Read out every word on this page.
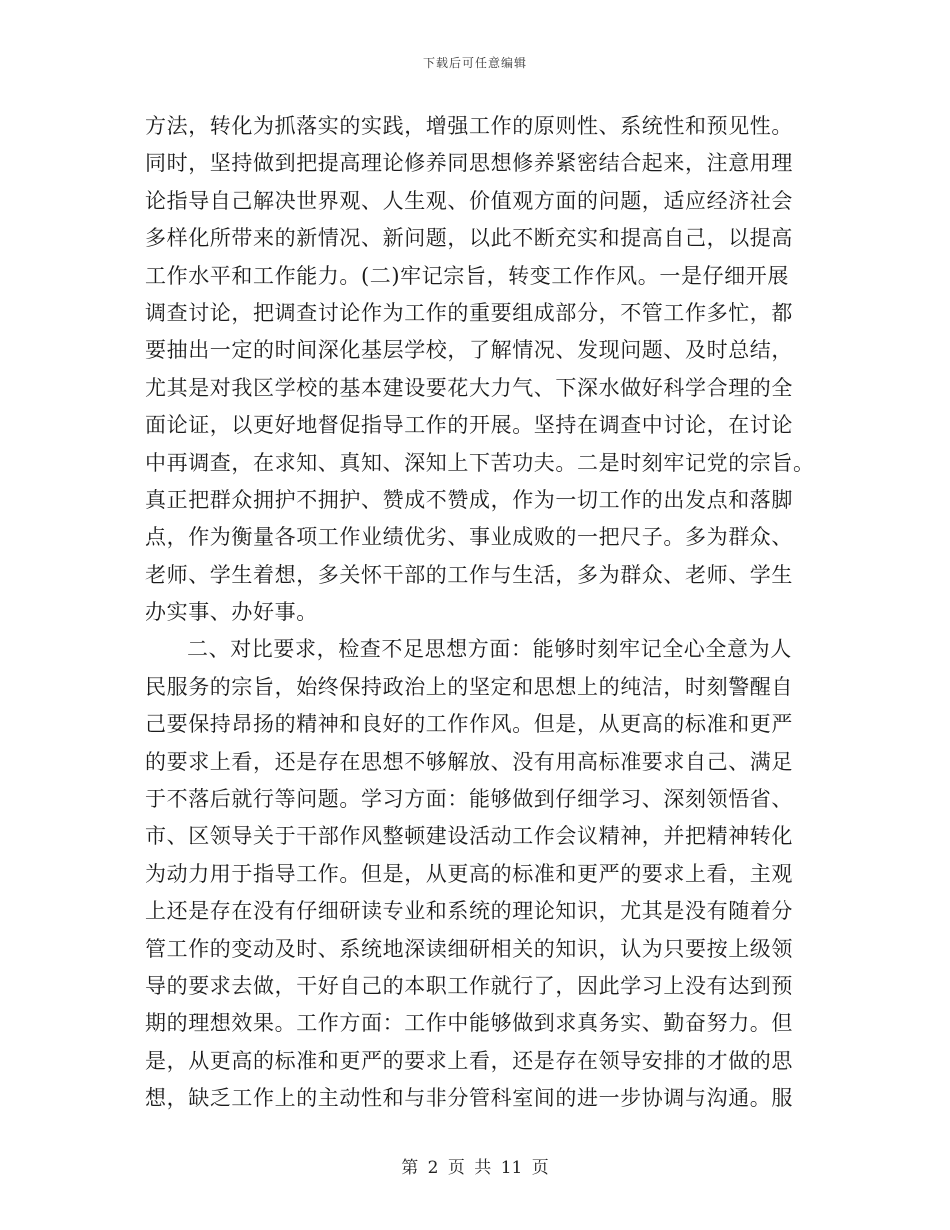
下载后可任意编辑
方法，转化为抓落实的实践，增强工作的原则性、系统性和预见性。
同时，坚持做到把提高理论修养同思想修养紧密结合起来，注意用理
论指导自己解决世界观、人生观、价值观方面的问题，适应经济社会
多样化所带来的新情况、新问题，以此不断充实和提高自己，以提高
工作水平和工作能力。(二)牢记宗旨，转变工作作风。一是仔细开展
调查讨论，把调查讨论作为工作的重要组成部分，不管工作多忙，都
要抽出一定的时间深化基层学校，了解情况、发现问题、及时总结，
尤其是对我区学校的基本建设要花大力气、下深水做好科学合理的全
面论证，以更好地督促指导工作的开展。坚持在调查中讨论，在讨论
中再调查，在求知、真知、深知上下苦功夫。二是时刻牢记党的宗旨。
真正把群众拥护不拥护、赞成不赞成，作为一切工作的出发点和落脚
点，作为衡量各项工作业绩优劣、事业成败的一把尺子。多为群众、
老师、学生着想，多关怀干部的工作与生活，多为群众、老师、学生
办实事、办好事。
二、对比要求，检查不足思想方面：能够时刻牢记全心全意为人
民服务的宗旨，始终保持政治上的坚定和思想上的纯洁，时刻警醒自
己要保持昂扬的精神和良好的工作作风。但是，从更高的标准和更严
的要求上看，还是存在思想不够解放、没有用高标准要求自己、满足
于不落后就行等问题。学习方面：能够做到仔细学习、深刻领悟省、
市、区领导关于干部作风整顿建设活动工作会议精神，并把精神转化
为动力用于指导工作。但是，从更高的标准和更严的要求上看，主观
上还是存在没有仔细研读专业和系统的理论知识，尤其是没有随着分
管工作的变动及时、系统地深读细研相关的知识，认为只要按上级领
导的要求去做，干好自己的本职工作就行了，因此学习上没有达到预
期的理想效果。工作方面：工作中能够做到求真务实、勤奋努力。但
是，从更高的标准和更严的要求上看，还是存在领导安排的才做的思
想，缺乏工作上的主动性和与非分管科室间的进一步协调与沟通。服
第 2 页 共 11 页
